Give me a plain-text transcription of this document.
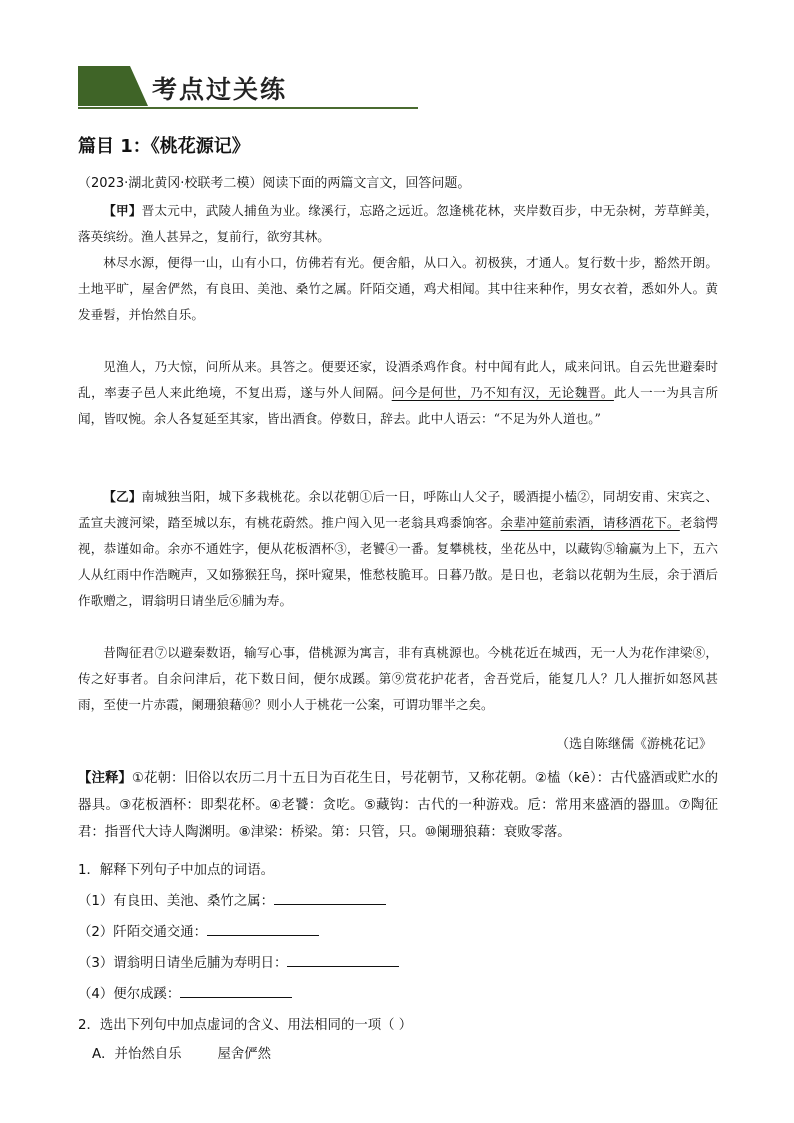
考点过关练
篇目 1：《桃花源记》
（2023·湖北黄冈·校联考二模）阅读下面的两篇文言文，回答问题。
【甲】晋太元中，武陵人捕鱼为业。缘溪行，忘路之远近。忽逢桃花林，夹岸数百步，中无杂树，芳草鲜美，落英缤纷。渔人甚异之，复前行，欲穷其林。
林尽水源，便得一山，山有小口，仿佛若有光。便舍船，从口入。初极狭，才通人。复行数十步，豁然开朗。土地平旷，屋舍俨然，有良田、美池、桑竹之属。阡陌交通，鸡犬相闻。其中往来种作，男女衣着，悉如外人。黄发垂髫，并怡然自乐。
见渔人，乃大惊，问所从来。具答之。便要还家，设酒杀鸡作食。村中闻有此人，咸来问讯。自云先世避秦时乱，率妻子邑人来此绝境，不复出焉，遂与外人间隔。问今是何世，乃不知有汉，无论魏晋。此人一一为具言所闻，皆叹惋。余人各复延至其家，皆出酒食。停数日，辞去。此中人语云：“不足为外人道也。”
【乙】南城独当阳，城下多栽桃花。余以花朝①后一日，呼陈山人父子，暖酒提小榼②，同胡安甫、宋宾之、孟宣夫渡河梁，踏至城以东，有桃花蔚然。推户闯入见一老翁具鸡黍饷客。余辈冲筵前索酒，请移酒花下。老翁愕视，恭谨如命。余亦不通姓字，便从花板酒杯③，老饕④一番。复攀桃枝，坐花丛中，以藏钩⑤输赢为上下，五六人从红雨中作浩畹声，又如猕猴狂鸟，探叶窥果，惟愁枝脆耳。日暮乃散。是日也，老翁以花朝为生辰，余于酒后作歌赠之，谓翁明日请坐卮⑥脯为寿。
昔陶征君⑦以避秦数语，输写心事，借桃源为寓言，非有真桃源也。今桃花近在城西，无一人为花作津梁⑧，传之好事者。自余问津后，花下数日间，便尔成蹊。第⑨赏花护花者，舍吾党后，能复几人？几人摧折如怒风甚雨，至使一片赤霞，阑珊狼藉⑩？则小人于桃花一公案，可谓功罪半之矣。
（选自陈继儒《游桃花记》
【注释】①花朝：旧俗以农历二月十五日为百花生日，号花朝节，又称花朝。②榼（kē）：古代盛酒或贮水的器具。③花板酒杯：即梨花杯。④老饕：贪吃。⑤藏钩：古代的一种游戏。卮：常用来盛酒的器皿。⑦陶征君：指晋代大诗人陶渊明。⑧津梁：桥梁。第：只管，只。⑩阑珊狼藉：衰败零落。
1．解释下列句子中加点的词语。
（1）有良田、美池、桑竹之属：
（2）阡陌交通交通：
（3）谓翁明日请坐卮脯为寿明日：
（4）便尔成蹊：
2．选出下列句中加点虚词的含义、用法相同的一项（ ）
A．并怡然自乐	屋舍俨然
